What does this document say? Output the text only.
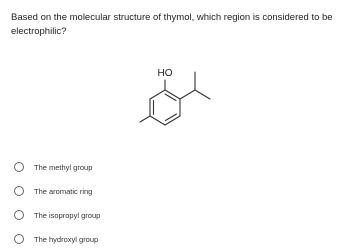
Based on the molecular structure of thymol, which region is considered to be electrophilic?

HO
The methyl group
The aromatic ring
The isopropyl group
The hydroxyl group
